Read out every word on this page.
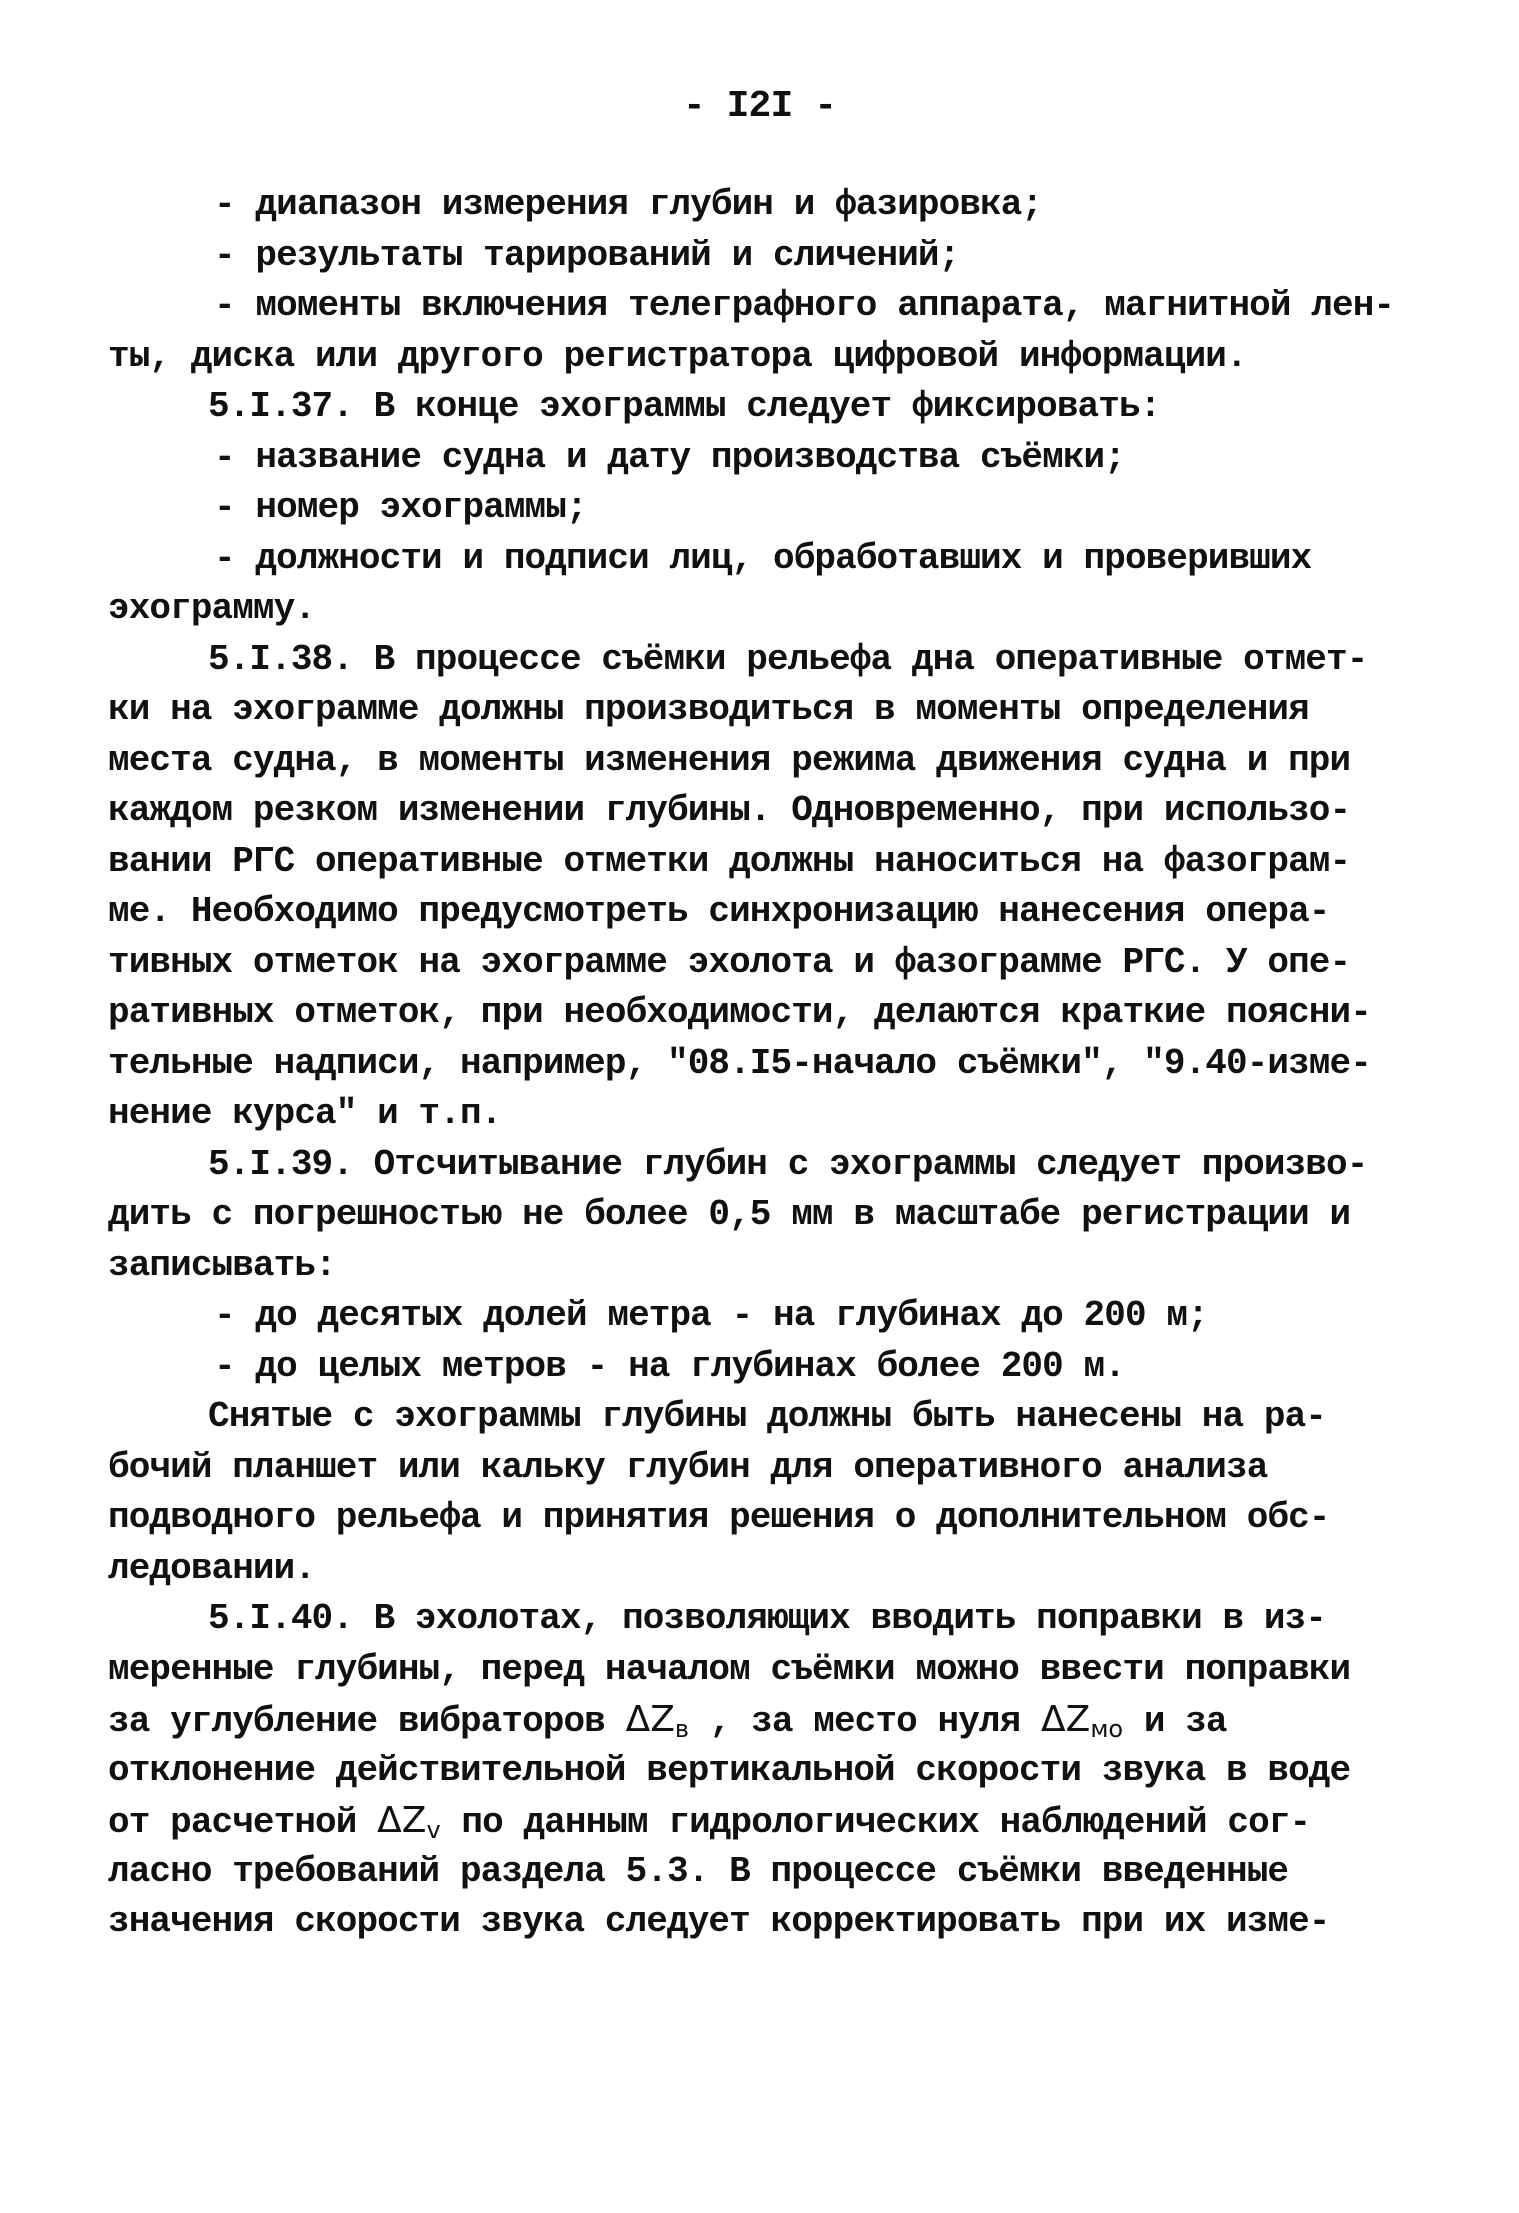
- I2I -
- диапазон измерения глубин и фазировка;
- результаты тарирований и сличений;
- моменты включения телеграфного аппарата, магнитной лен-
ты, диска или другого регистратора цифровой информации.
5.I.37. В конце эхограммы следует фиксировать:
- название судна и дату производства съёмки;
- номер эхограммы;
- должности и подписи лиц, обработавших и проверивших
эхограмму.
5.I.38. В процессе съёмки рельефа дна оперативные отмет-
ки на эхограмме должны производиться в моменты определения
места судна, в моменты изменения режима движения судна и при
каждом резком изменении глубины. Одновременно, при использо-
вании РГС оперативные отметки должны наноситься на фазограм-
ме. Необходимо предусмотреть синхронизацию нанесения опера-
тивных отметок на эхограмме эхолота и фазограмме РГС. У опе-
ративных отметок, при необходимости, делаются краткие поясни-
тельные надписи, например, "08.I5-начало съёмки", "9.40-изме-
нение курса" и т.п.
5.I.39. Отсчитывание глубин с эхограммы следует произво-
дить с погрешностью не более 0,5 мм в масштабе регистрации и
записывать:
- до десятых долей метра - на глубинах до 200 м;
- до целых метров - на глубинах более 200 м.
Снятые с эхограммы глубины должны быть нанесены на ра-
бочий планшет или кальку глубин для оперативного анализа
подводного рельефа и принятия решения о дополнительном обс-
ледовании.
5.I.40. В эхолотах, позволяющих вводить поправки в из-
меренные глубины, перед началом съёмки можно ввести поправки
за углубление вибраторов $\Delta Z_в$ , за место нуля $\Delta Z_{мо}$ и за
отклонение действительной вертикальной скорости звука в воде
от расчетной $\Delta Z_v$ по данным гидрологических наблюдений сог-
ласно требований раздела 5.3. В процессе съёмки введенные
значения скорости звука следует корректировать при их изме-
